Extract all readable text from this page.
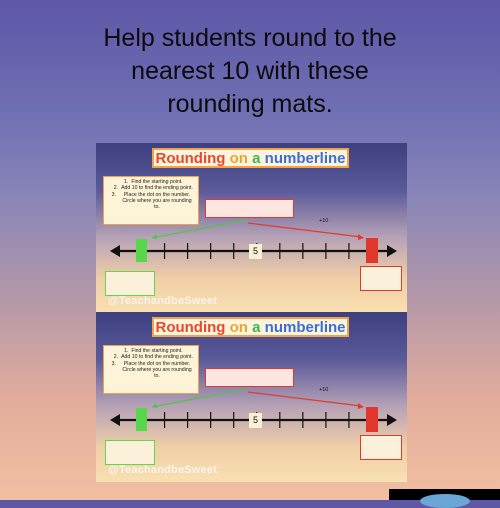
Help students round to the
nearest 10 with these
rounding mats.
Rounding on a numberline
1. Find the starting point.
2. Add 10 to find the ending point.
3.	Place the dot on the number. Circle where you are rounding to.
+10
5
@TeachandbeSweet
Rounding on a numberline
1. Find the starting point.
2. Add 10 to find the ending point.
3.	Place the dot on the number. Circle where you are rounding to.
+10
5
@TeachandbeSweet
